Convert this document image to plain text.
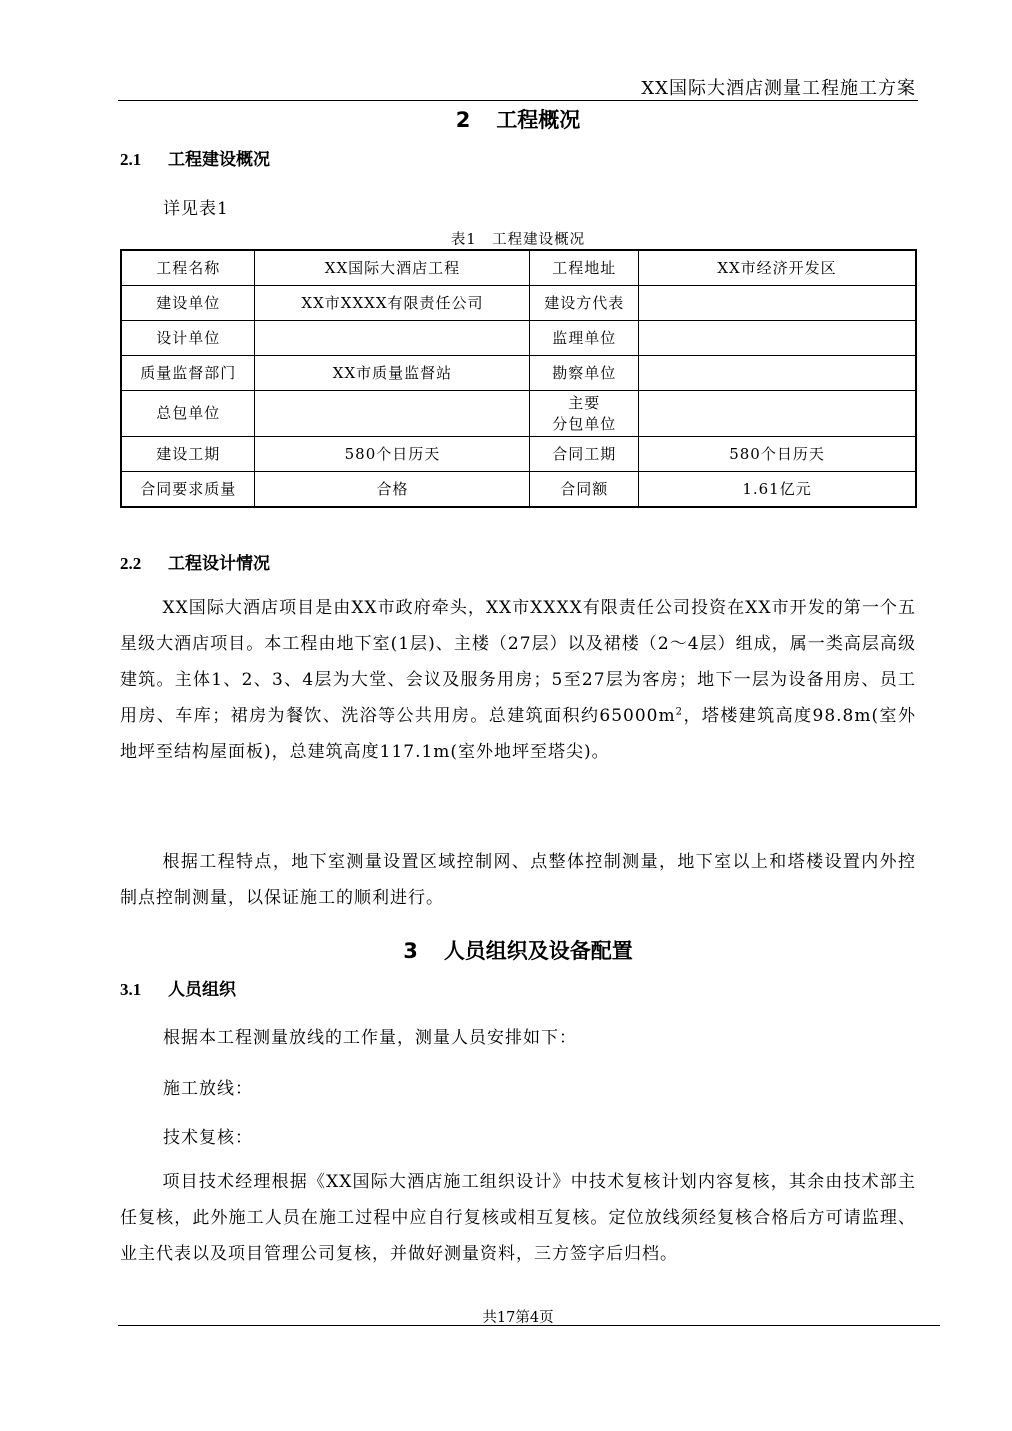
XX国际大酒店测量工程施工方案
2 工程概况
2.1 工程建设概况
详见表1
表1　工程建设概况
工程名称	XX国际大酒店工程	工程地址	XX市经济开发区
建设单位	XX市XXXX有限责任公司	建设方代表	
设计单位		监理单位	
质量监督部门	XX市质量监督站	勘察单位	
总包单位		主要
分包单位	

建设工期	580个日历天	合同工期	580个日历天
合同要求质量	合格	合同额	1.61亿元
2.2 工程设计情况
XX国际大酒店项目是由XX市政府牵头，XX市XXXX有限责任公司投资在XX市开发的第一个五星级大酒店项目。本工程由地下室(1层)、主楼（27层）以及裙楼（2～4层）组成，属一类高层高级建筑。主体1、2、3、4层为大堂、会议及服务用房；5至27层为客房；地下一层为设备用房、员工用房、车库；裙房为餐饮、洗浴等公共用房。总建筑面积约$65000m^2$，塔楼建筑高度98.8m(室外地坪至结构屋面板)，总建筑高度117.1m(室外地坪至塔尖)。
根据工程特点，地下室测量设置区域控制网、点整体控制测量，地下室以上和塔楼设置内外控制点控制测量，以保证施工的顺利进行。
3 人员组织及设备配置
3.1 人员组织
根据本工程测量放线的工作量，测量人员安排如下：
施工放线：
技术复核：
项目技术经理根据《XX国际大酒店施工组织设计》中技术复核计划内容复核，其余由技术部主任复核，此外施工人员在施工过程中应自行复核或相互复核。定位放线须经复核合格后方可请监理、业主代表以及项目管理公司复核，并做好测量资料，三方签字后归档。
共17第4页
